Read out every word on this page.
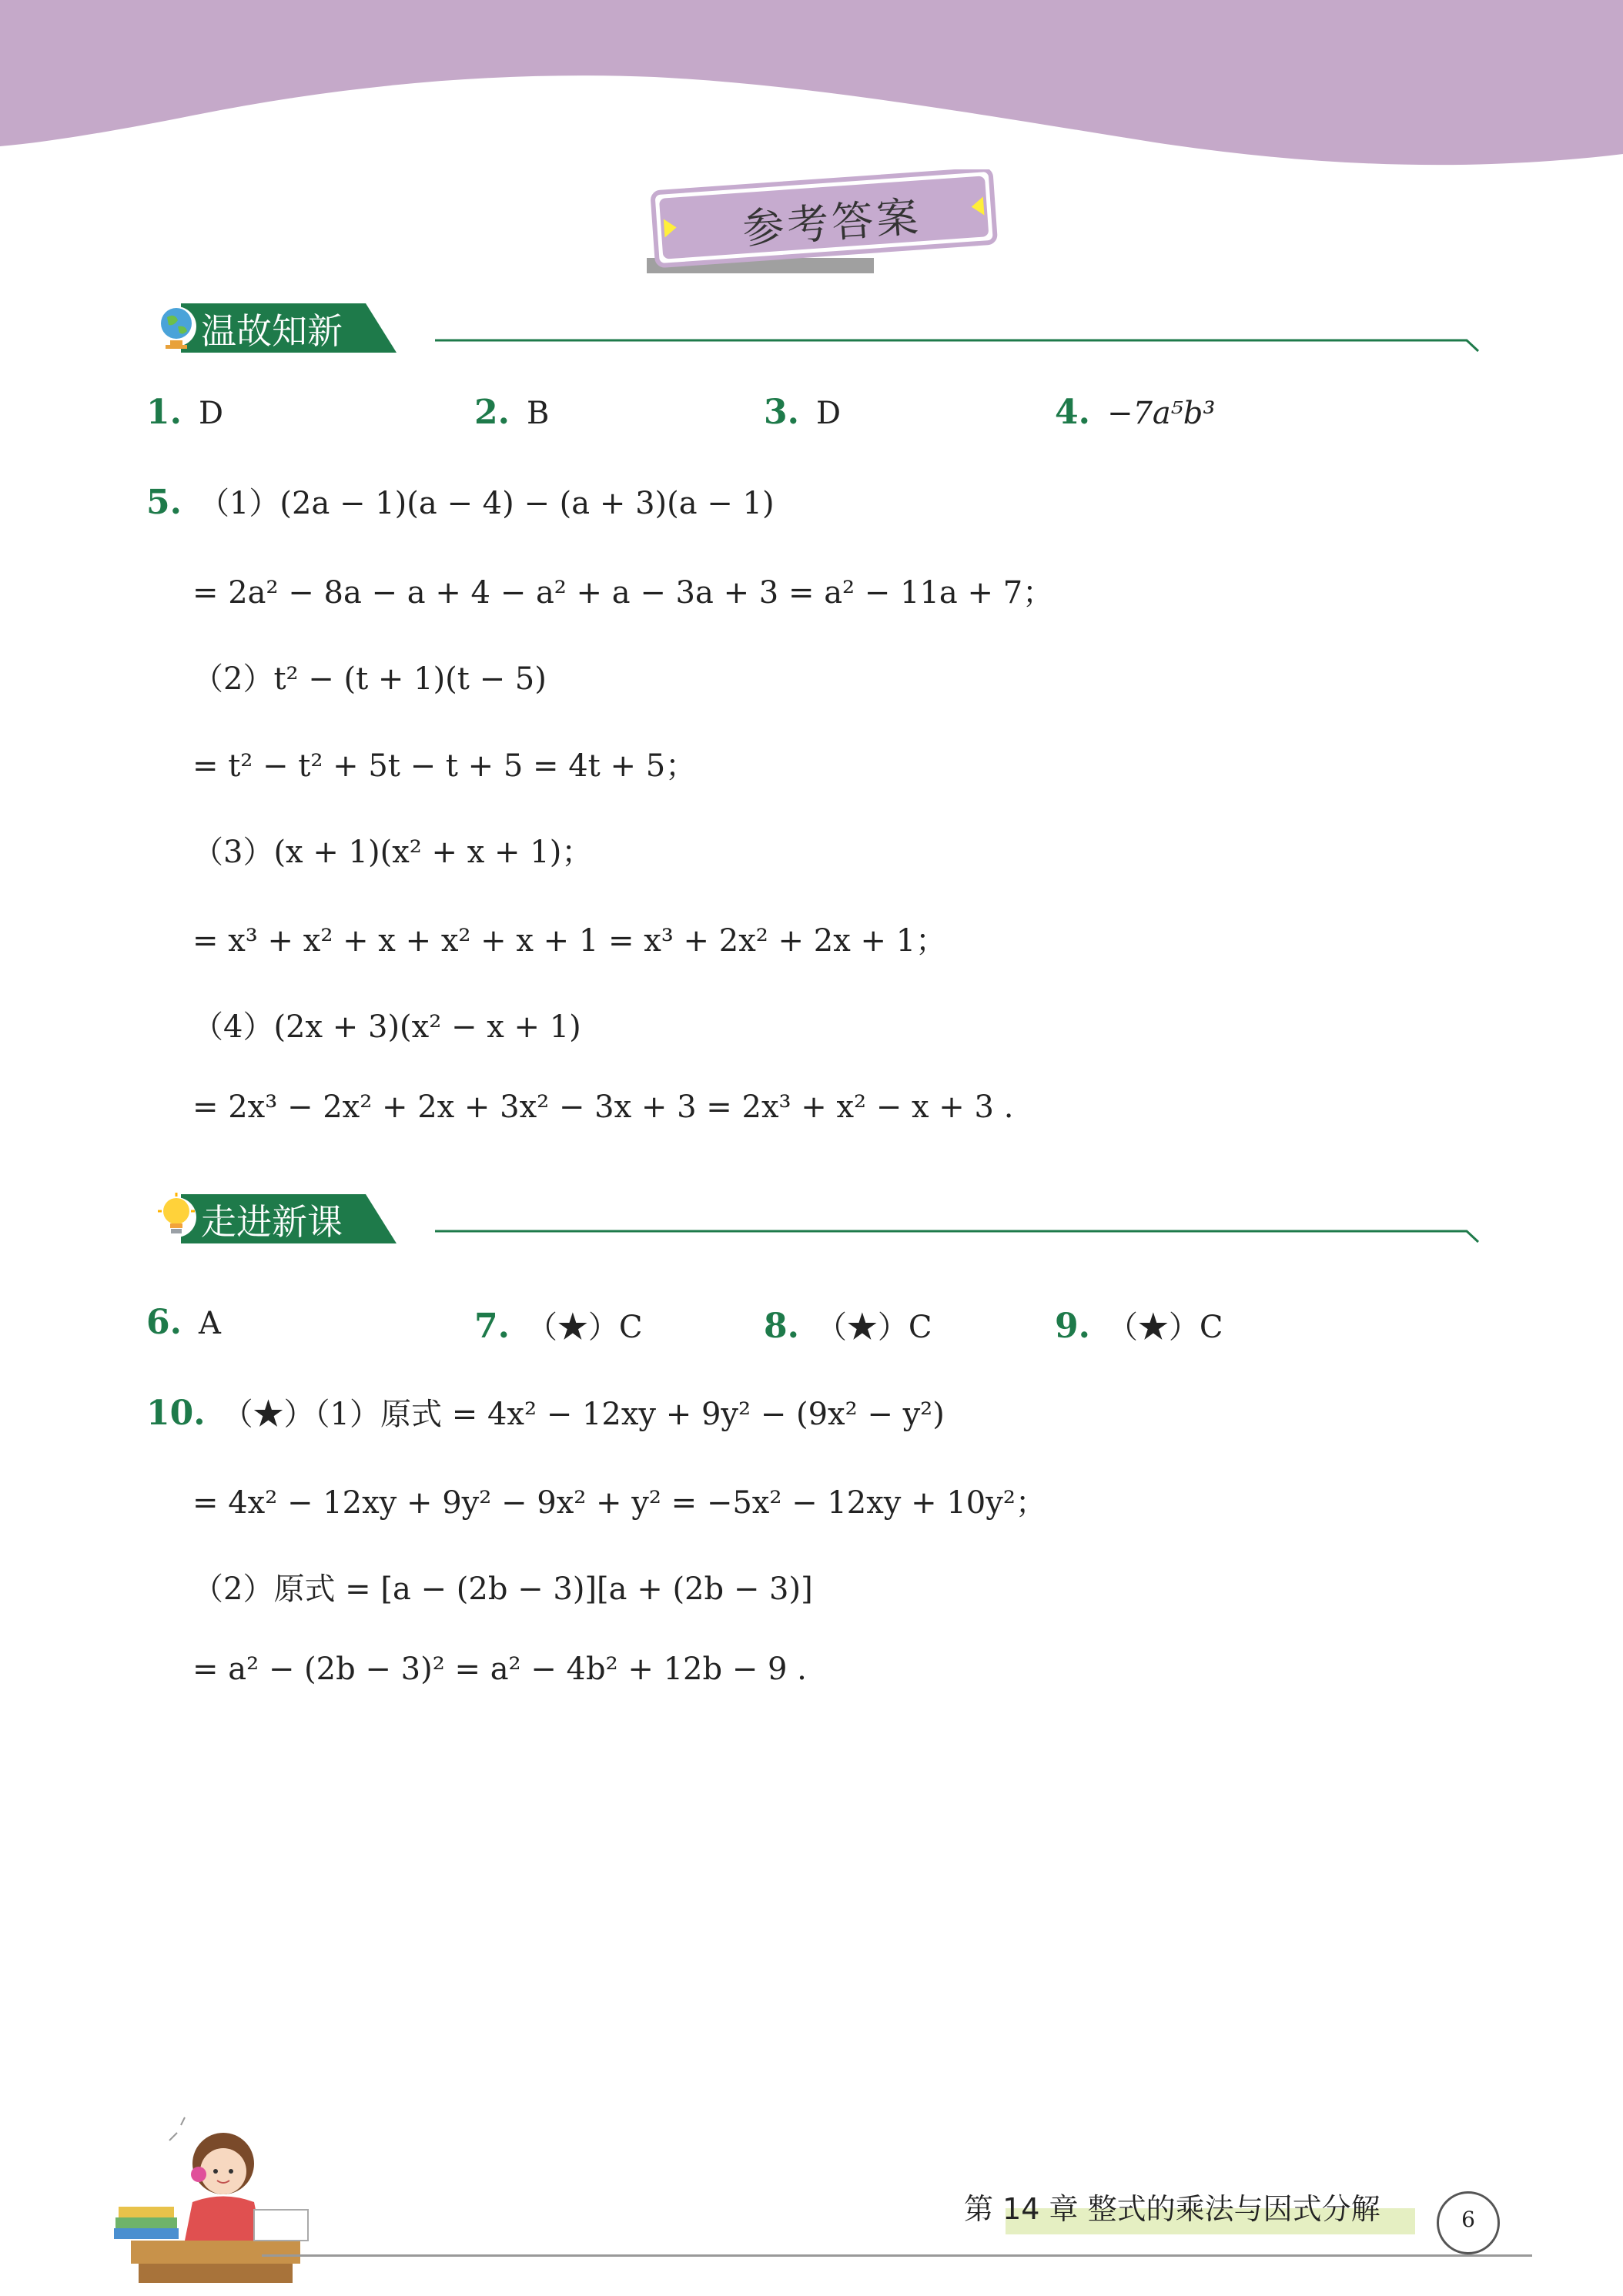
参考答案
温故知新
1. D	2. B	3. D	4. −7a⁵b³
5. （1）(2a − 1)(a − 4) − (a + 3)(a − 1)
= 2a² − 8a − a + 4 − a² + a − 3a + 3 = a² − 11a + 7；
（2）t² − (t + 1)(t − 5)
= t² − t² + 5t − t + 5 = 4t + 5；
（3）(x + 1)(x² + x + 1)；
= x³ + x² + x + x² + x + 1 = x³ + 2x² + 2x + 1；
（4）(2x + 3)(x² − x + 1)
= 2x³ − 2x² + 2x + 3x² − 3x + 3 = 2x³ + x² − x + 3 .
走进新课
6. A	7. （★）C	8. （★）C	9. （★）C
10. （★）（1）原式 = 4x² − 12xy + 9y² − (9x² − y²)
= 4x² − 12xy + 9y² − 9x² + y² = −5x² − 12xy + 10y²；
（2）原式 = [a − (2b − 3)][a + (2b − 3)]
= a² − (2b − 3)² = a² − 4b² + 12b − 9 .
第 14 章 整式的乘法与因式分解	6
